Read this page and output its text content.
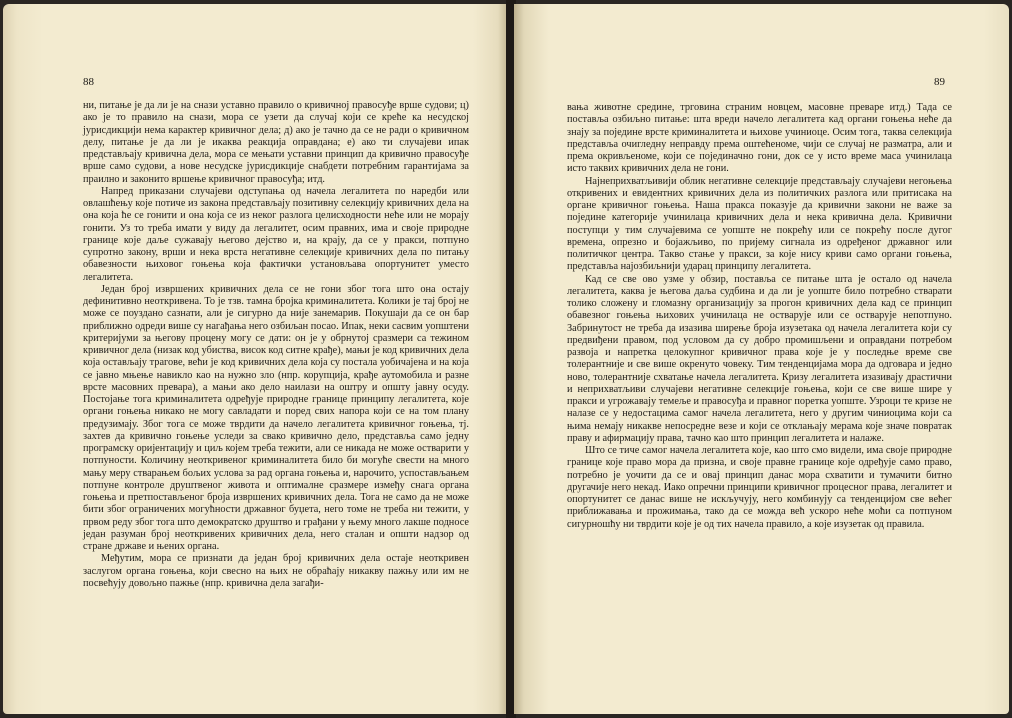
88

ни, питање је да ли је на снази уставно правило о кривичној правосуђе врше судови; ц) ако је то правило на снази, мора се узети да случај који се креће ка несудској јурисдикцији нема карактер кривичног дела; д) ако је тачно да се не ради о кривичном делу, питање је да ли је икаква реакција оправдана; е) ако ти случајеви ипак представљају кривична дела, мора се мењати уставни принцип да кривично правосуђе врше само судови, а нове несудске јурисдикције снабдети потребним гарантијама за праилно и законито вршење кривичног правосуђа; итд.

Напред приказани случајеви одступања од начела легалитета по наредби или овлашћењу које потиче из закона представљају позитивну селекцију кривичних дела на она која ће се гонити и она која се из неког разлога целисходности неће или не морају гонити. Уз то треба имати у виду да легалитет, осим правних, има и своје природне границе које даље сужавају његово дејство и, на крају, да се у пракси, потпуно супротно закону, врши и нека врста негативне селекције кривичних дела по питању обавезности њиховог гоњења која фактички установљава опортунитет уместо легалитета.

Један број извршених кривичних дела се не гони због тога што она остају дефинитивно неоткривена. То је тзв. тамна бројка криминалитета. Колики је тај број не може се поуздано сазнати, али је сигурно да није занемарив. Покушаји да се он бар приближно одреди више су нагађања него озбиљан посао. Ипак, неки сасвим уопштени критеријуми за његову процену могу се дати: он је у обрнутој сразмери са тежином кривичног дела (низак код убиства, висок код ситне крађе), мањи је код кривичних дела која остављају трагове, већи је код кривичних дела која су постала уобичајена и на која се јавно мњење навикло као на нужно зло (нпр. корупција, крађе аутомобила и разне врсте масовних превара), а мањи ако дело наилази на оштру и општу јавну осуду. Постојање тога криминалитета одређује природне границе принципу легалитета, које органи гоњења никако не могу савладати и поред свих напора који се на том плану предузимају. Због тога се може тврдити да начело легалитета кривичног гоњења, тј. захтев да кривично гоњење уследи за свако кривично дело, представља само једну програмску оријентацију и циљ којем треба тежити, али се никада не може остварити у потпуности. Количину неоткривеног криминалитета било би могуће свести на много мању меру стварањем бољих услова за рад органа гоњења и, нарочито, успостављањем потпуне контроле друштвеног живота и оптималне сразмере између снага органа гоњења и претпостављеног броја извршених кривичних дела. Тога не само да не може бити због ограничених могућности државног буџета, него томе не треба ни тежити, у првом реду због тога што демократско друштво и грађани у њему много лакше подносе један разуман број неоткривених кривичних дела, него сталан и општи надзор од стране државе и њених органа.

Међутим, мора се признати да један број кривичних дела остаје неоткривен заслугом органа гоњења, који свесно на њих не обраћају никакву пажњу или им не посвећују довољно пажње (нпр. кривична дела загађи-

89

вања животне средине, трговина страним новцем, масовне преваре итд.) Тада се поставља озбиљно питање: шта вреди начело легалитета кад органи гоњења неће да знају за поједине врсте криминалитета и њихове учиниоце. Осим тога, таква селекција представља очигледну неправду према оштећеноме, чији се случај не разматра, али и према окривљеноме, који се појединачно гони, док се у исто време маса учинилаца исто таквих кривичних дела не гони.

Најнеприхватљивији облик негативне селекције представљају случајеви негоњења откривених и евидентних кривичних дела из политичких разлога или притисака на органе кривичног гоњења. Наша пракса показује да кривични закони не важе за поједине категорије учинилаца кривичних дела и нека кривична дела. Кривични поступци у тим случајевима се уопште не покрећу или се покрећу после дугог времена, опрезно и бојажљиво, по пријему сигнала из одређеног државног или политичког центра. Такво стање у пракси, за које нису криви само органи гоњења, представља најозбиљнији ударац принципу легалитета.

Кад се све ово узме у обзир, поставља се питање шта је остало од начела легалитета, каква је његова даља судбина и да ли је уопште било потребно стварати толико сложену и гломазну организацију за прогон кривичних дела кад се принцип обавезног гоњења њихових учинилаца не остварује или се остварује непотпуно. Забринутост не треба да изазива ширење броја изузетака од начела легалитета који су предвиђени правом, под условом да су добро промишљени и оправдани потребом развоја и напретка целокупног кривичног права које је у последње време све толерантније и све више окренуто човеку. Тим тенденцијама мора да одговара и једно ново, толерантније схватање начела легалитета. Кризу легалитета изазивају драстични и неприхватљиви случајеви негативне селекције гоњења, који се све више шире у пракси и угрожавају темеље и правосуђа и правног поретка уопште. Узроци те кризе не налазе се у недостацима самог начела легалитета, него у другим чиниоцима који са њима немају никакве непосредне везе и који се отклањају мерама које значе повратак праву и афирмацију права, тачно као што принцип легалитета и налаже.

Што се тиче самог начела легалитета које, као што смо видели, има своје природне границе које право мора да призна, и своје правне границе које одређује само право, потребно је уочити да се и овај принцип данас мора схватити и тумачити битно другачије него некад. Иако опречни принципи кривичног процесног права, легалитет и опортунитет се данас више не искључују, него комбинују са тенденцијом све већег приближавања и прожимања, тако да се можда већ ускоро неће моћи са потпуном сигурношћу ни тврдити које је од тих начела правило, а које изузетак од правила.
